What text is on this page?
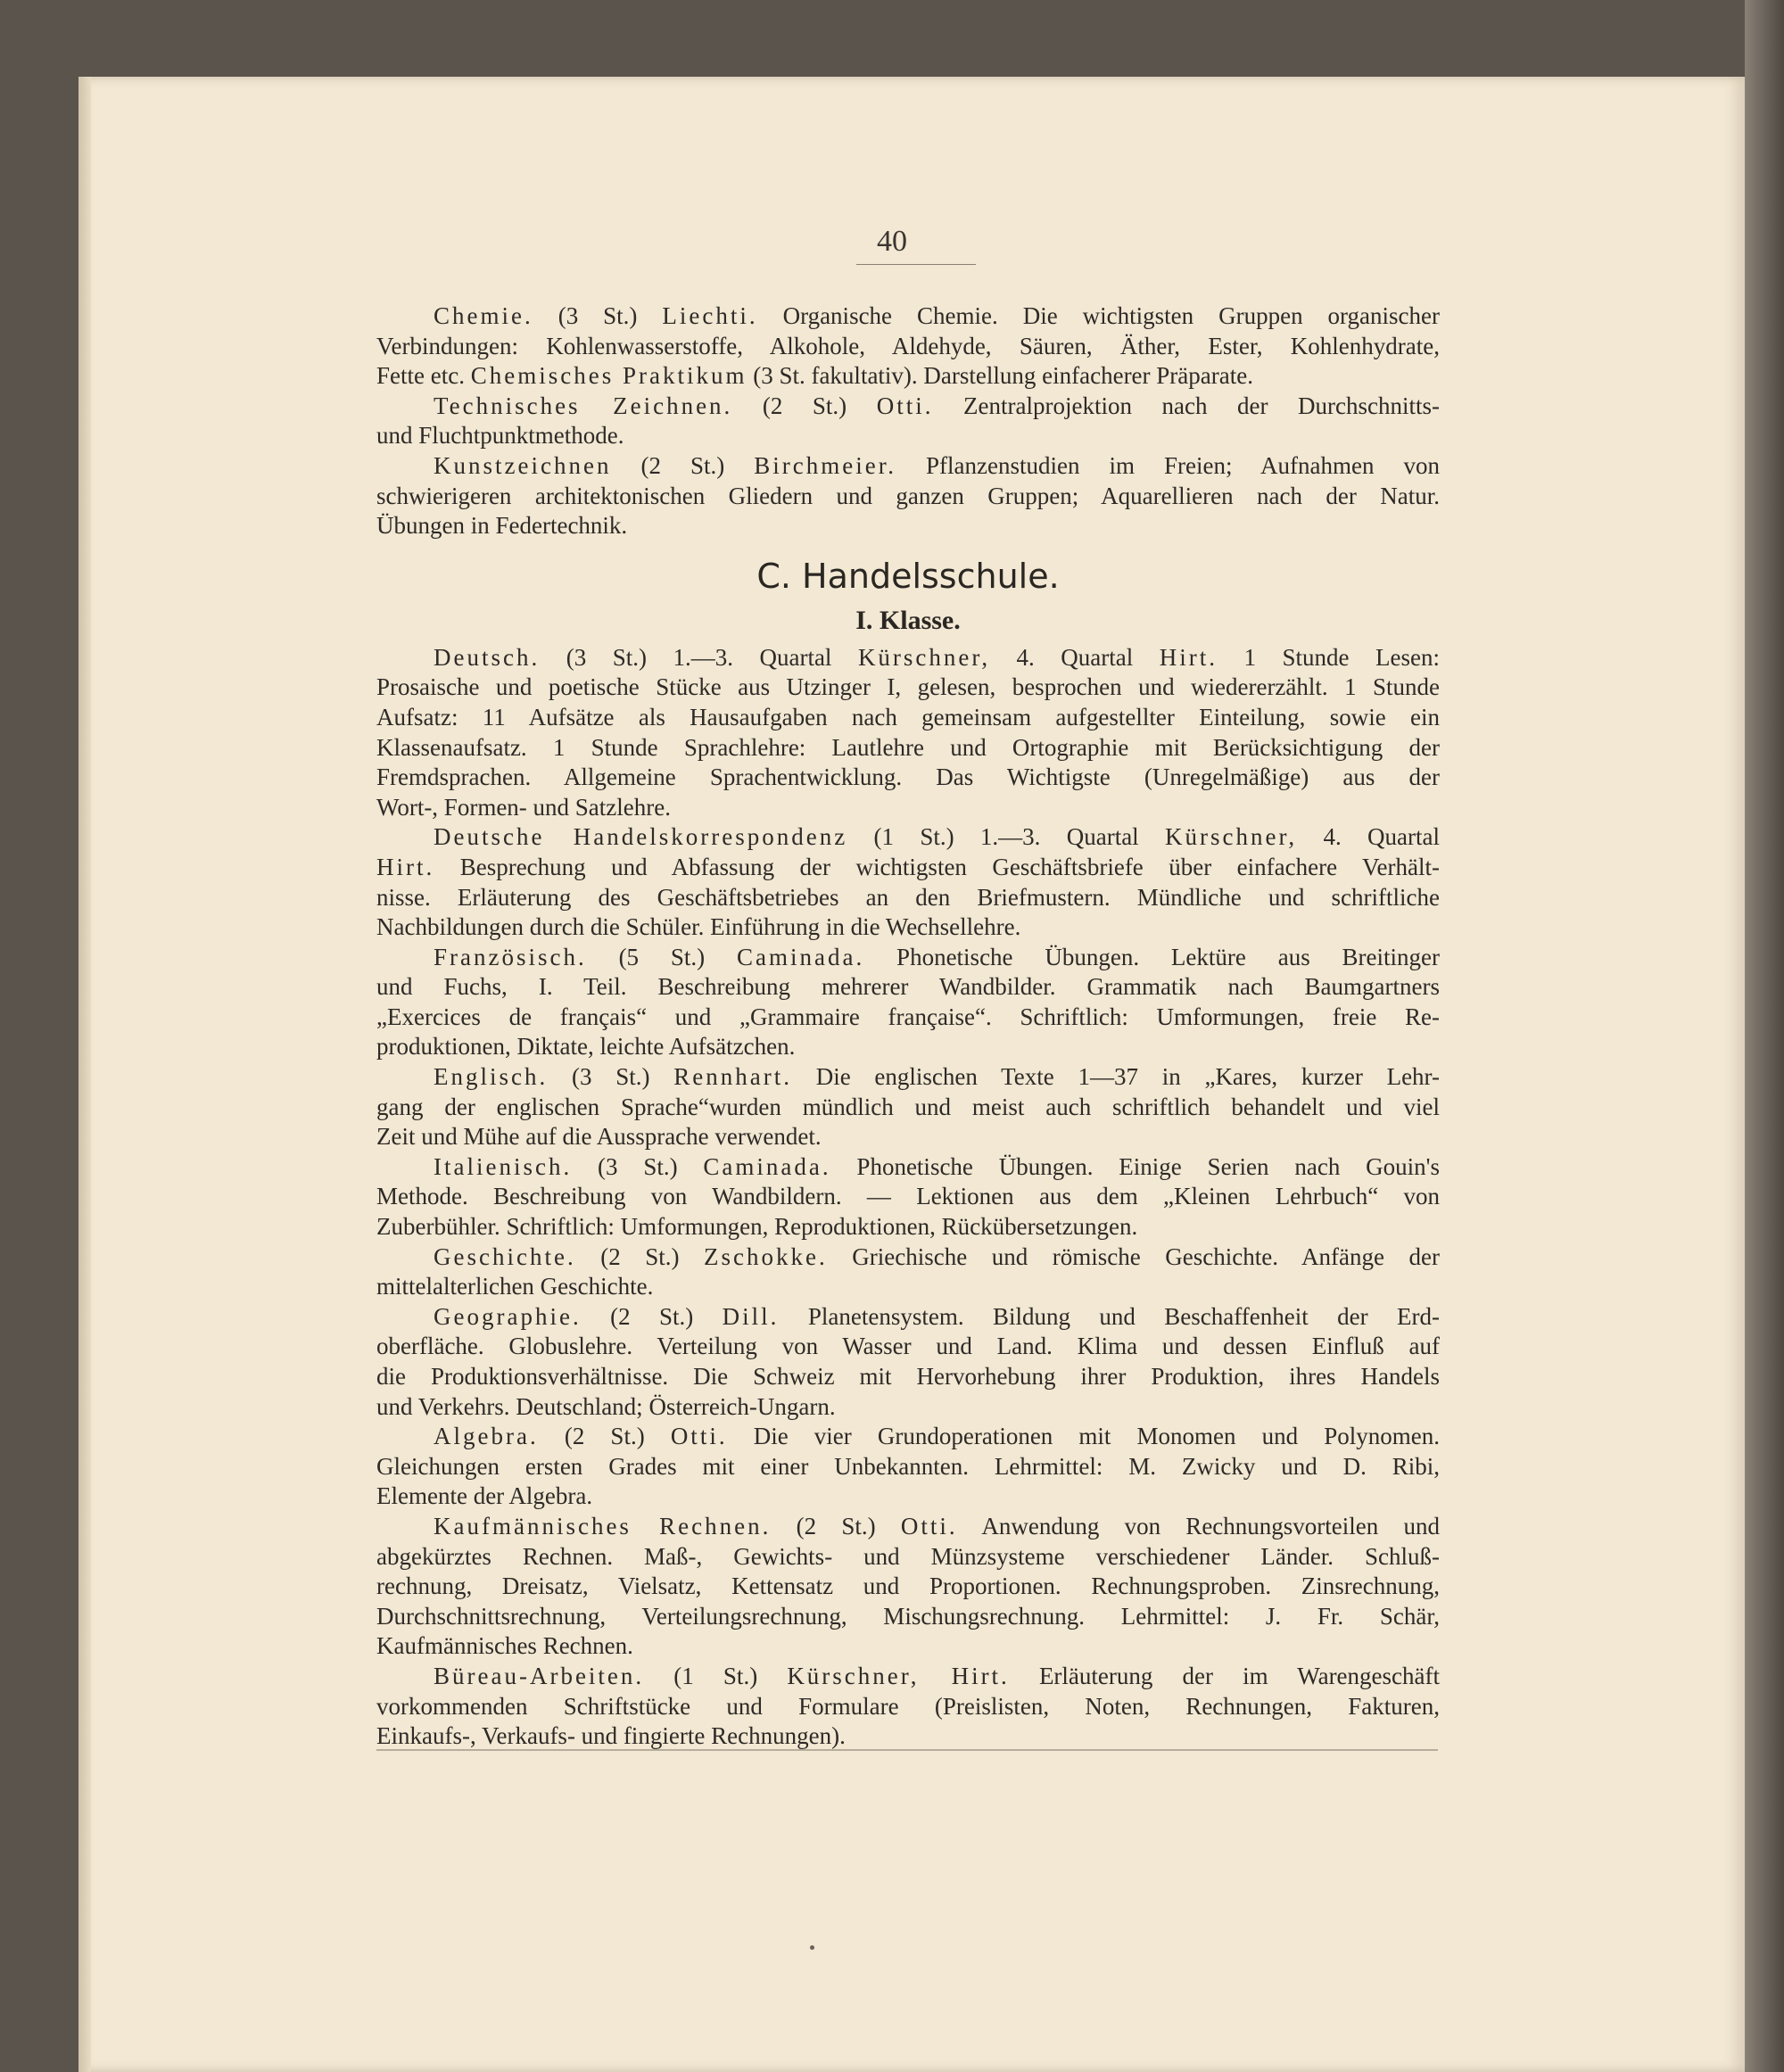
40
Chemie. (3 St.) Liechti. Organische Chemie. Die wichtigsten Gruppen organischer
Verbindungen: Kohlenwasserstoffe, Alkohole, Aldehyde, Säuren, Äther, Ester, Kohlenhydrate,
Fette etc. Chemisches Praktikum (3 St. fakultativ). Darstellung einfacherer Präparate.
Technisches Zeichnen. (2 St.) Otti. Zentralprojektion nach der Durchschnitts-
und Fluchtpunktmethode.
Kunstzeichnen (2 St.) Birchmeier. Pflanzenstudien im Freien; Aufnahmen von
schwierigeren architektonischen Gliedern und ganzen Gruppen; Aquarellieren nach der Natur.
Übungen in Federtechnik.
C. Handelsschule.
I. Klasse.
Deutsch. (3 St.) 1.—3. Quartal Kürschner, 4. Quartal Hirt. 1 Stunde Lesen:
Prosaische und poetische Stücke aus Utzinger I, gelesen, besprochen und wiedererzählt. 1 Stunde
Aufsatz: 11 Aufsätze als Hausaufgaben nach gemeinsam aufgestellter Einteilung, sowie ein
Klassenaufsatz. 1 Stunde Sprachlehre: Lautlehre und Ortographie mit Berücksichtigung der
Fremdsprachen. Allgemeine Sprachentwicklung. Das Wichtigste (Unregelmäßige) aus der
Wort-, Formen- und Satzlehre.
Deutsche Handelskorrespondenz (1 St.) 1.—3. Quartal Kürschner, 4. Quartal
Hirt. Besprechung und Abfassung der wichtigsten Geschäftsbriefe über einfachere Verhält-
nisse. Erläuterung des Geschäftsbetriebes an den Briefmustern. Mündliche und schriftliche
Nachbildungen durch die Schüler. Einführung in die Wechsellehre.
Französisch. (5 St.) Caminada. Phonetische Übungen. Lektüre aus Breitinger
und Fuchs, I. Teil. Beschreibung mehrerer Wandbilder. Grammatik nach Baumgartners
„Exercices de français“ und „Grammaire française“. Schriftlich: Umformungen, freie Re-
produktionen, Diktate, leichte Aufsätzchen.
Englisch. (3 St.) Rennhart. Die englischen Texte 1—37 in „Kares, kurzer Lehr-
gang der englischen Sprache“wurden mündlich und meist auch schriftlich behandelt und viel
Zeit und Mühe auf die Aussprache verwendet.
Italienisch. (3 St.) Caminada. Phonetische Übungen. Einige Serien nach Gouin's
Methode. Beschreibung von Wandbildern. — Lektionen aus dem „Kleinen Lehrbuch“ von
Zuberbühler. Schriftlich: Umformungen, Reproduktionen, Rückübersetzungen.
Geschichte. (2 St.) Zschokke. Griechische und römische Geschichte. Anfänge der
mittelalterlichen Geschichte.
Geographie. (2 St.) Dill. Planetensystem. Bildung und Beschaffenheit der Erd-
oberfläche. Globuslehre. Verteilung von Wasser und Land. Klima und dessen Einfluß auf
die Produktionsverhältnisse. Die Schweiz mit Hervorhebung ihrer Produktion, ihres Handels
und Verkehrs. Deutschland; Österreich-Ungarn.
Algebra. (2 St.) Otti. Die vier Grundoperationen mit Monomen und Polynomen.
Gleichungen ersten Grades mit einer Unbekannten. Lehrmittel: M. Zwicky und D. Ribi,
Elemente der Algebra.
Kaufmännisches Rechnen. (2 St.) Otti. Anwendung von Rechnungsvorteilen und
abgekürztes Rechnen. Maß-, Gewichts- und Münzsysteme verschiedener Länder. Schluß-
rechnung, Dreisatz, Vielsatz, Kettensatz und Proportionen. Rechnungsproben. Zinsrechnung,
Durchschnittsrechnung, Verteilungsrechnung, Mischungsrechnung. Lehrmittel: J. Fr. Schär,
Kaufmännisches Rechnen.
Büreau-Arbeiten. (1 St.) Kürschner, Hirt. Erläuterung der im Warengeschäft
vorkommenden Schriftstücke und Formulare (Preislisten, Noten, Rechnungen, Fakturen,
Einkaufs-, Verkaufs- und fingierte Rechnungen).
